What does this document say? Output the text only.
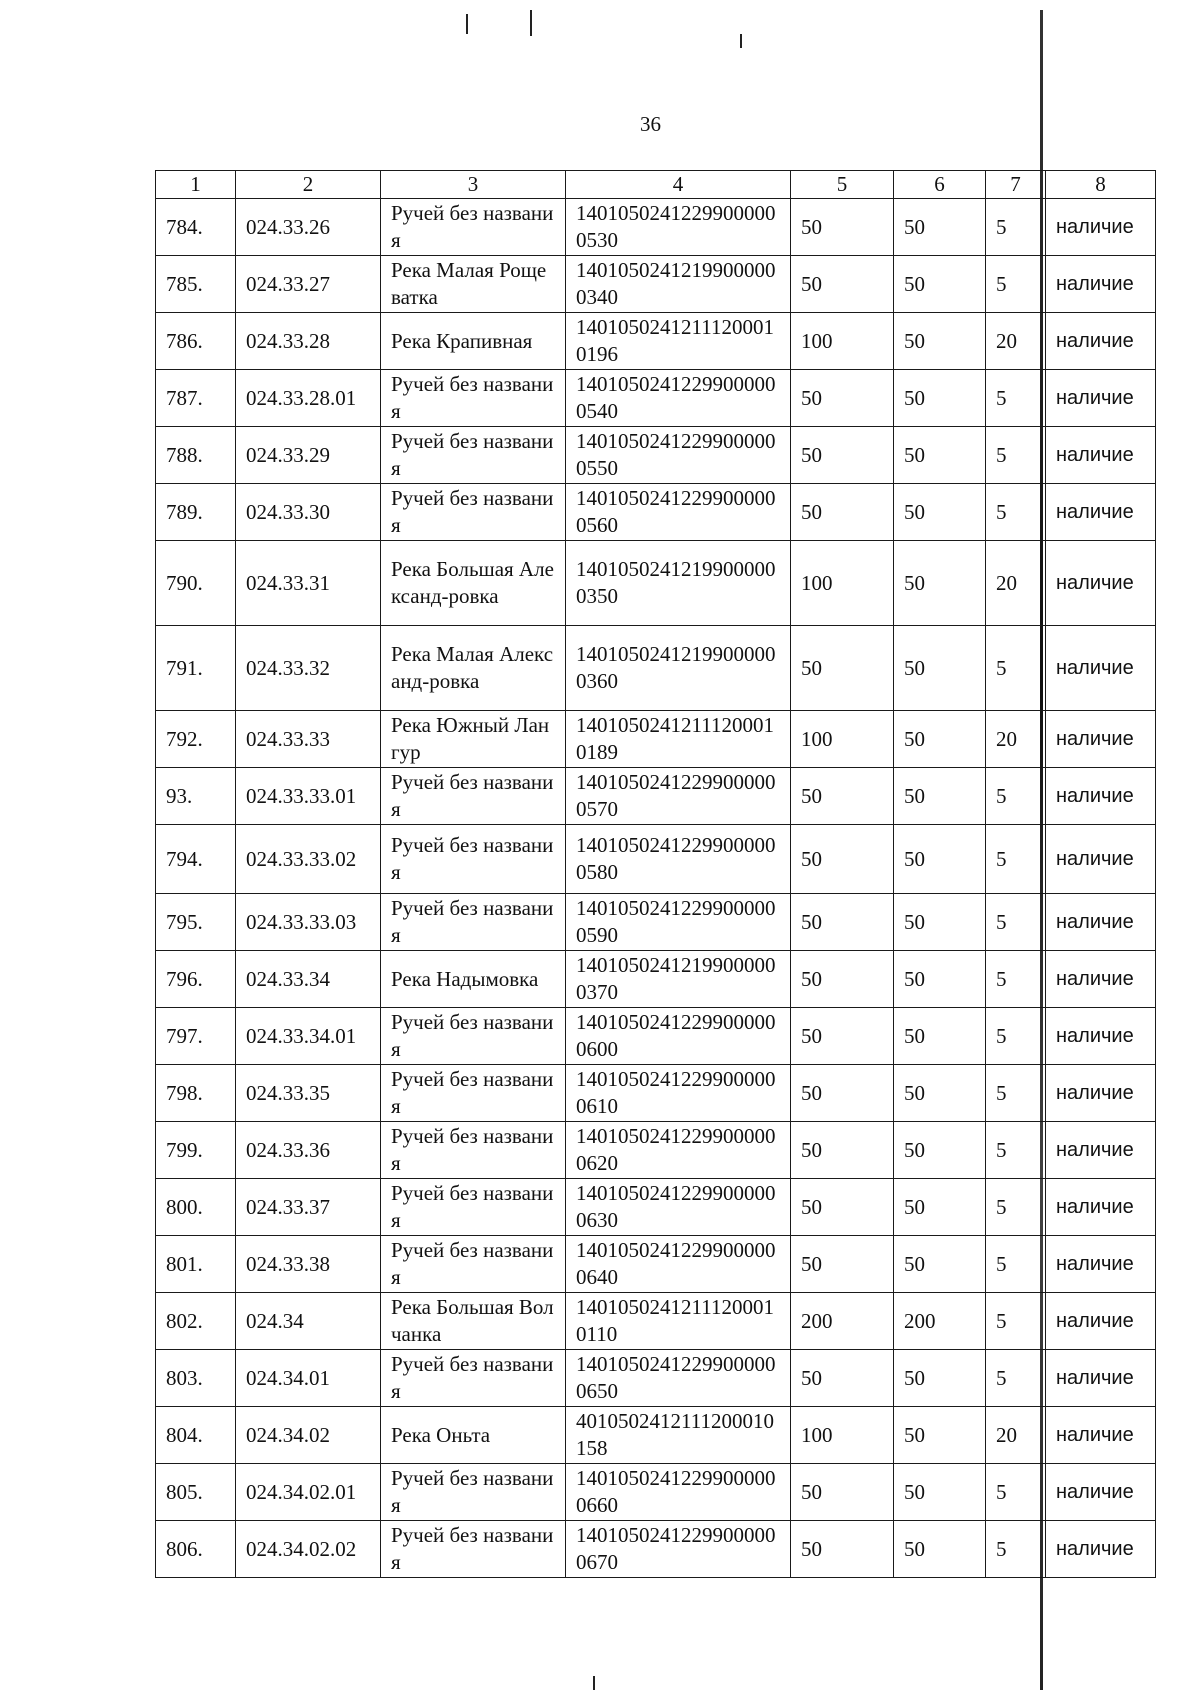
36
1	2	3	4	5	6	7	8
784.	024.33.26	Ручей без названия	14010502412299000000530	50	50	5	наличие
785.	024.33.27	Река Малая Рощеватка	14010502412199000000340	50	50	5	наличие
786.	024.33.28	Река Крапивная	14010502412111200010196	100	50	20	наличие
787.	024.33.28.01	Ручей без названия	14010502412299000000540	50	50	5	наличие
788.	024.33.29	Ручей без названия	14010502412299000000550	50	50	5	наличие
789.	024.33.30	Ручей без названия	14010502412299000000560	50	50	5	наличие
790.	024.33.31	Река Большая Александ-ровка	14010502412199000000350	100	50	20	наличие
791.	024.33.32	Река Малая Александ-ровка	14010502412199000000360	50	50	5	наличие
792.	024.33.33	Река Южный Лангур	14010502412111200010189	100	50	20	наличие
93.	024.33.33.01	Ручей без названия	14010502412299000000570	50	50	5	наличие
794.	024.33.33.02	Ручей без названия	14010502412299000000580	50	50	5	наличие
795.	024.33.33.03	Ручей без названия	14010502412299000000590	50	50	5	наличие
796.	024.33.34	Река Надымовка	14010502412199000000370	50	50	5	наличие
797.	024.33.34.01	Ручей без названия	14010502412299000000600	50	50	5	наличие
798.	024.33.35	Ручей без названия	14010502412299000000610	50	50	5	наличие
799.	024.33.36	Ручей без названия	14010502412299000000620	50	50	5	наличие
800.	024.33.37	Ручей без названия	14010502412299000000630	50	50	5	наличие
801.	024.33.38	Ручей без названия	14010502412299000000640	50	50	5	наличие
802.	024.34	Река Большая Волчанка	14010502412111200010110	200	200	5	наличие
803.	024.34.01	Ручей без названия	14010502412299000000650	50	50	5	наличие
804.	024.34.02	Река Оньта	4010502412111200010158	100	50	20	наличие
805.	024.34.02.01	Ручей без названия	14010502412299000000660	50	50	5	наличие
806.	024.34.02.02	Ручей без названия	14010502412299000000670	50	50	5	наличие
